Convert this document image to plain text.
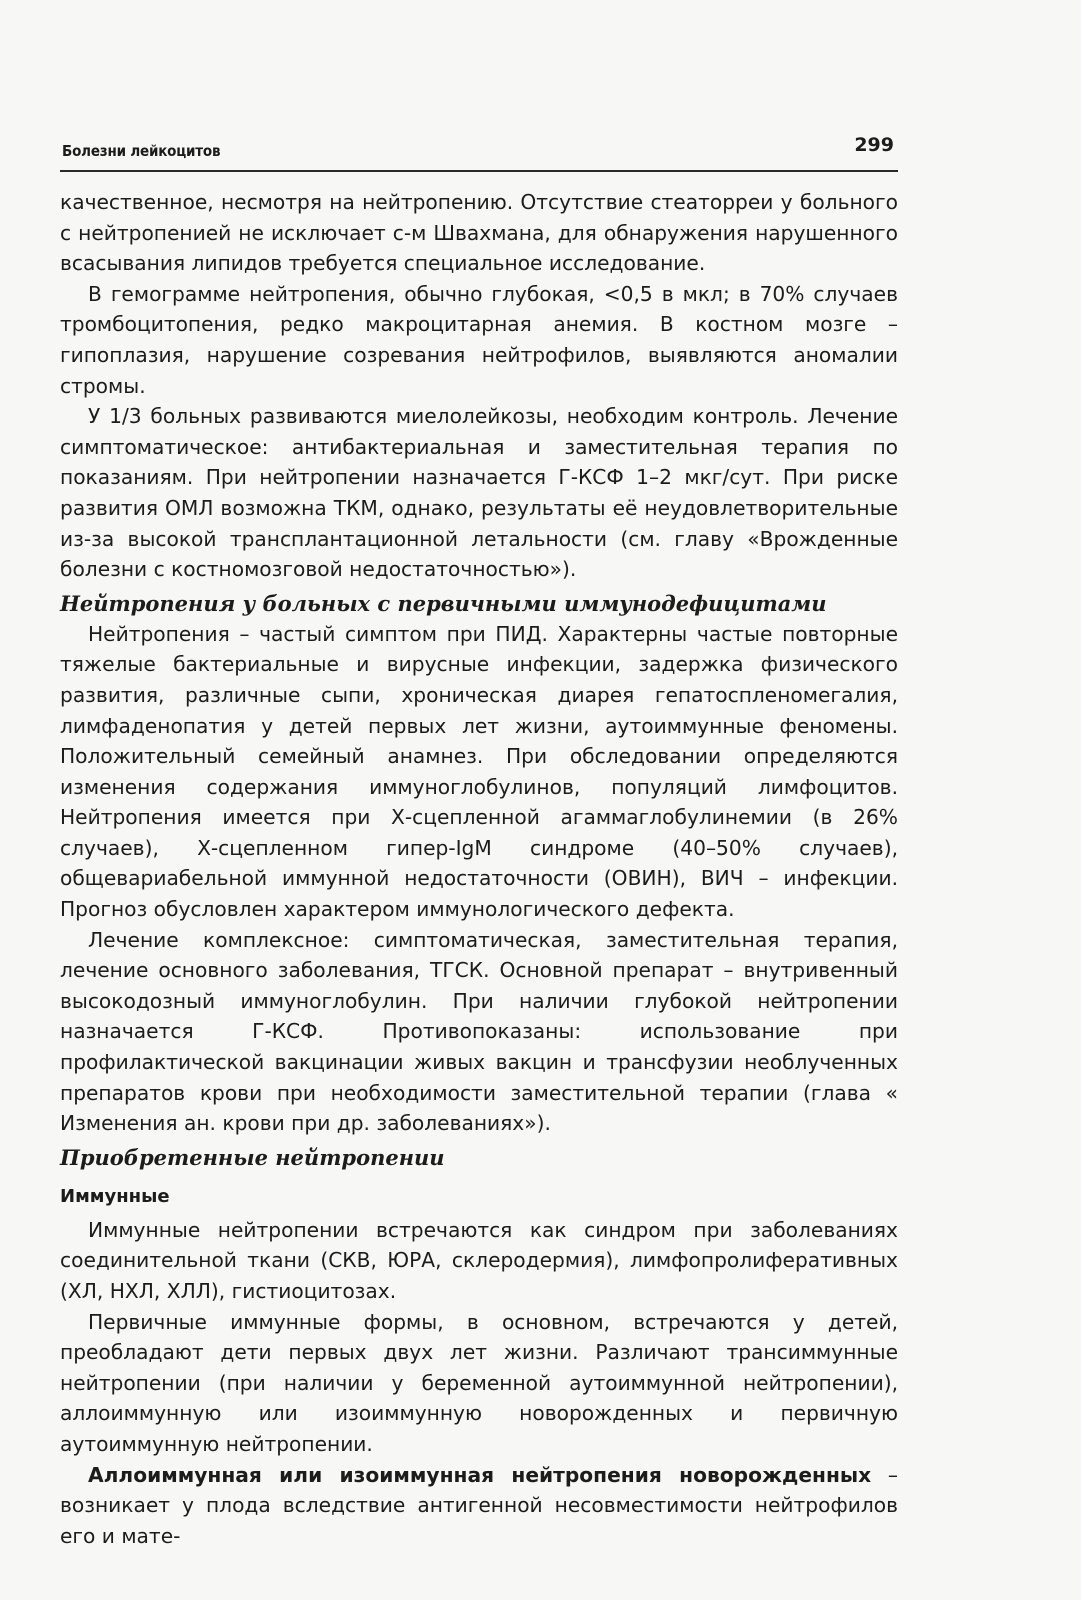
Болезни лейкоцитов	299

качественное, несмотря на нейтропению. Отсутствие стеаторреи у больного с нейтропенией не исключает с-м Швахмана, для обнаружения нарушенного всасывания липидов требуется специальное исследование.

В гемограмме нейтропения, обычно глубокая, <0,5 в мкл; в 70% случаев тромбоцитопения, редко макроцитарная анемия. В костном мозге – гипоплазия, нарушение созревания нейтрофилов, выявляются аномалии стромы.

У 1/3 больных развиваются миелолейкозы, необходим контроль. Лечение симптоматическое: антибактериальная и заместительная терапия по показаниям. При нейтропении назначается Г-КСФ 1–2 мкг/сут. При риске развития ОМЛ возможна ТКМ, однако, результаты её неудовлетворительные из-за высокой трансплантационной летальности (см. главу «Врожденные болезни с костномозговой недостаточностью»).

Нейтропения у больных с первичными иммунодефицитами

Нейтропения – частый симптом при ПИД. Характерны частые повторные тяжелые бактериальные и вирусные инфекции, задержка физического развития, различные сыпи, хроническая диарея гепатоспленомегалия, лимфаденопатия у детей первых лет жизни, аутоиммунные феномены. Положительный семейный анамнез. При обследовании определяются изменения содержания иммуноглобулинов, популяций лимфоцитов. Нейтропения имеется при Х-сцепленной агаммаглобулинемии (в 26% случаев), Х-сцепленном гипер-IgM синдроме (40–50% случаев), общевариабельной иммунной недостаточности (ОВИН), ВИЧ – инфекции. Прогноз обусловлен характером иммунологического дефекта.

Лечение комплексное: симптоматическая, заместительная терапия, лечение основного заболевания, ТГСК. Основной препарат – внутривенный высокодозный иммуноглобулин. При наличии глубокой нейтропении назначается Г-КСФ. Противопоказаны: использование при профилактической вакцинации живых вакцин и трансфузии необлученных препаратов крови при необходимости заместительной терапии (глава « Изменения ан. крови при др. заболеваниях»).

Приобретенные нейтропении
Иммунные

Иммунные нейтропении встречаются как синдром при заболеваниях соединительной ткани (СКВ, ЮРА, склеродермия), лимфопролиферативных (ХЛ, НХЛ, ХЛЛ), гистиоцитозах.

Первичные иммунные формы, в основном, встречаются у детей, преобладают дети первых двух лет жизни. Различают трансиммунные нейтропении (при наличии у беременной аутоиммунной нейтропении), аллоиммунную или изоиммунную новорожденных и первичную аутоиммунную нейтропении.

Аллоиммунная или изоиммунная нейтропения новорожденных – возникает у плода вследствие антигенной несовместимости нейтрофилов его и мате-
